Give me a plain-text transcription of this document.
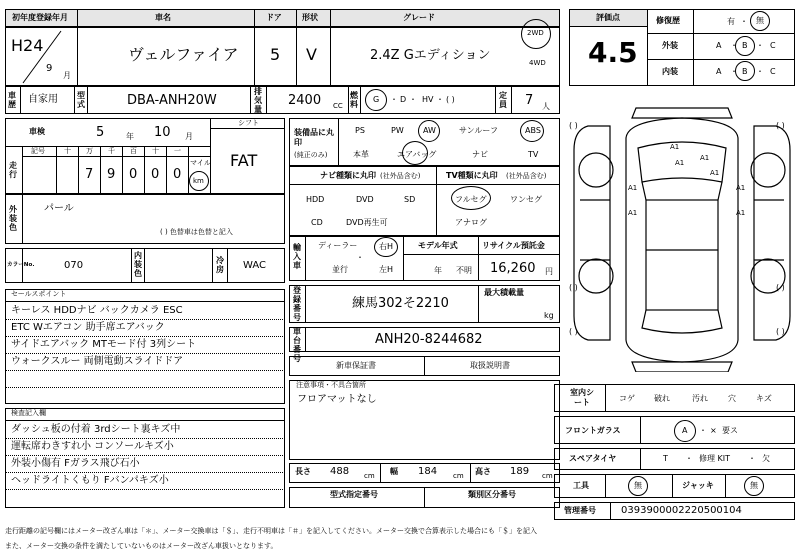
初年度登録年月	車名	ドア	形状	グレード
H24
9
月
ヴェルファイア 5 V	2.4Z Gエディション
2WD
4WD
評価点
4.5
修復歴	有 ・ 無
外装	A ・ B ・ C
内装	A ・ B ・ C
車歴 自家用 型式	DBA-ANH20W
排気量
2400 CC
燃料
G ・ D ・ HV ・ ( )	定員 7 人
車検	5	年 10 月
シフト
FAT
走行
記号	十 万 千 百 十 一
7 9 0 0 0
マイル
km
外装色
パール
( ) 色替車は色替と記入
カラーNo.	070
内装色
冷房 WAC
セールスポイント
キーレス HDDナビ バックカメラ ESC
ETC Wエアコン 助手席エアバック
サイドエアバック MTモード付 3列シート
ウォークスルー 両側電動スライドドア
検査記入欄
ダッシュ板の付着 3rdシート裏キズ中
運転席わきすれ小 コンソールキズ小
外装小傷有 Fガラス飛び石小
ヘッドライトくもり Fバンパキズ小
装備品に丸印
(純正のみ)
PS	PW AW	サンルーフ	ABS
本革	エアバッグ	ナビ	TV
ナビ種類に丸印 (社外品含む)
HDD	DVD	SD
CD	DVD再生可
TV種類に丸印 (社外品含む)
フルセグ	ワンセグ
アナログ
輸入車
ディーラー
・
並行
右H
左H
モデル年式
年 不明
リサイクル預託金
16,260 円
登録番号
練馬302そ2210
最大積載量
kg
車台番号
ANH20-8244682
新車保証書	取扱説明書
注意事項・不具合箇所
フロアマットなし
長さ 488 cm 幅 184 cm 高さ 189 cm
型式指定番号	類別区分番号
( )	( )
( )	( )
( )	( )
A1
A1
A1
A1
A1	A1
A1	A1
室内シート	コゲ 破れ	汚れ	穴	キズ
フロントガラス	A ・ × 要ス
スペアタイヤ	T ・ 修理 KIT ・ 欠
工具	無	ジャッキ	無
管理番号	0393900002220500104
走行距離の記号欄にはメーター改ざん車は「＊」、メーター交換車は「＄」、走行不明車は「＃」を記入してください。メーター交換で合算表示した場合にも「＄」を記入
また、メーター交換の条件を満たしていないものはメーター改ざん車扱いとなります。
